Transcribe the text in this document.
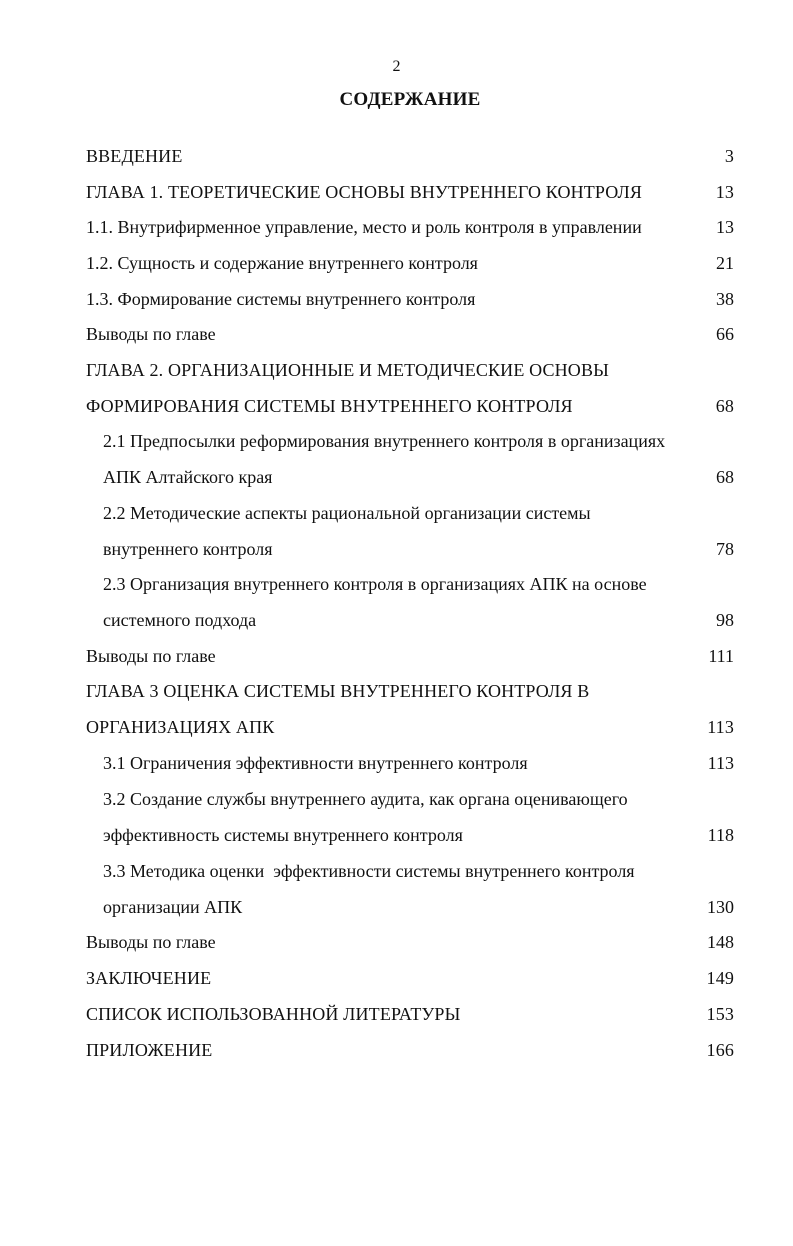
2
СОДЕРЖАНИЕ
ВВЕДЕНИЕ	3
ГЛАВА 1. ТЕОРЕТИЧЕСКИЕ ОСНОВЫ ВНУТРЕННЕГО КОНТРОЛЯ	13
1.1. Внутрифирменное управление, место и роль контроля в управлении	13
1.2. Сущность и содержание внутреннего контроля	21
1.3. Формирование системы внутреннего контроля	38
Выводы по главе	66
ГЛАВА 2. ОРГАНИЗАЦИОННЫЕ И МЕТОДИЧЕСКИЕ ОСНОВЫ
ФОРМИРОВАНИЯ СИСТЕМЫ ВНУТРЕННЕГО КОНТРОЛЯ	68
2.1 Предпосылки реформирования внутреннего контроля в организациях
АПК Алтайского края	68
2.2 Методические аспекты рациональной организации системы
внутреннего контроля	78
2.3 Организация внутреннего контроля в организациях АПК на основе
системного подхода	98
Выводы по главе	111
ГЛАВА 3 ОЦЕНКА СИСТЕМЫ ВНУТРЕННЕГО КОНТРОЛЯ В
ОРГАНИЗАЦИЯХ АПК	113
3.1 Ограничения эффективности внутреннего контроля	113
3.2 Создание службы внутреннего аудита, как органа оценивающего
эффективность системы внутреннего контроля	118
3.3 Методика оценки  эффективности системы внутреннего контроля
организации АПК	130
Выводы по главе	148
ЗАКЛЮЧЕНИЕ	149
СПИСОК ИСПОЛЬЗОВАННОЙ ЛИТЕРАТУРЫ	153
ПРИЛОЖЕНИЕ	166
